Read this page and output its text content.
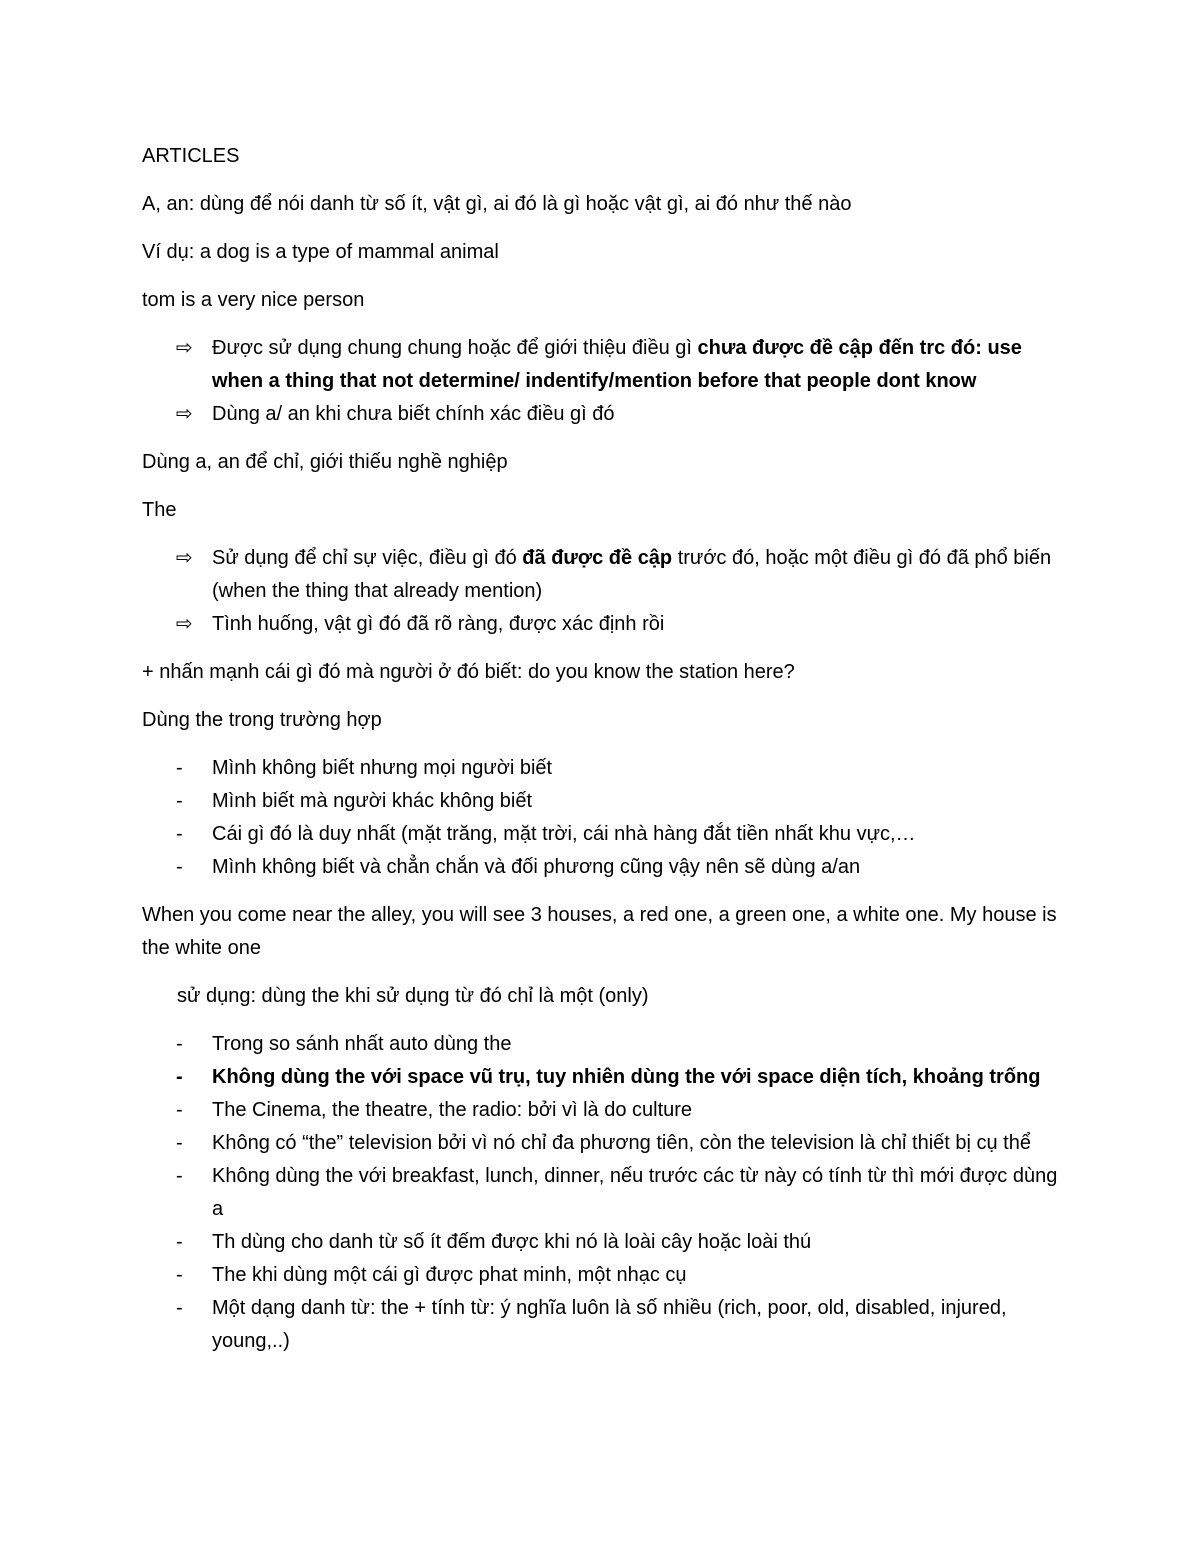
ARTICLES

A, an: dùng để nói danh từ số ít, vật gì, ai đó là gì hoặc vật gì, ai đó như thế nào

Ví dụ: a dog is a type of mammal animal

tom is a very nice person

⇨ Được sử dụng chung chung hoặc để giới thiệu điều gì chưa được đề cập đến trc đó: use when a thing that not determine/ indentify/mention before that people dont know
⇨ Dùng a/ an khi chưa biết chính xác điều gì đó

Dùng a, an để chỉ, giới thiếu nghề nghiệp

The

⇨ Sử dụng để chỉ sự việc, điều gì đó đã được đề cập trước đó, hoặc một điều gì đó đã phổ biến (when the thing that already mention)
⇨ Tình huống, vật gì đó đã rõ ràng, được xác định rồi

+ nhấn mạnh cái gì đó mà người ở đó biết: do you know the station here?

Dùng the trong trường hợp

- Mình không biết nhưng mọi người biết
- Mình biết mà người khác không biết
- Cái gì đó là duy nhất (mặt trăng, mặt trời, cái nhà hàng đắt tiền nhất khu vực,…
- Mình không biết và chẳn chắn và đối phương cũng vậy nên sẽ dùng a/an

When you come near the alley, you will see 3 houses, a red one, a green one, a white one. My house is the white one

sử dụng: dùng the khi sử dụng từ đó chỉ là một (only)

- Trong so sánh nhất auto dùng the
- Không dùng the với space vũ trụ, tuy nhiên dùng the với space diện tích, khoảng trống
- The Cinema, the theatre, the radio: bởi vì là do culture
- Không có “the” television bởi vì nó chỉ đa phương tiên, còn the television là chỉ thiết bị cụ thể
- Không dùng the với breakfast, lunch, dinner, nếu trước các từ này có tính từ thì mới được dùng a
- Th dùng cho danh từ số ít đếm được khi nó là loài cây hoặc loài thú
- The khi dùng một cái gì được phat minh, một nhạc cụ
- Một dạng danh từ: the + tính từ: ý nghĩa luôn là số nhiều (rich, poor, old, disabled, injured, young,..)
